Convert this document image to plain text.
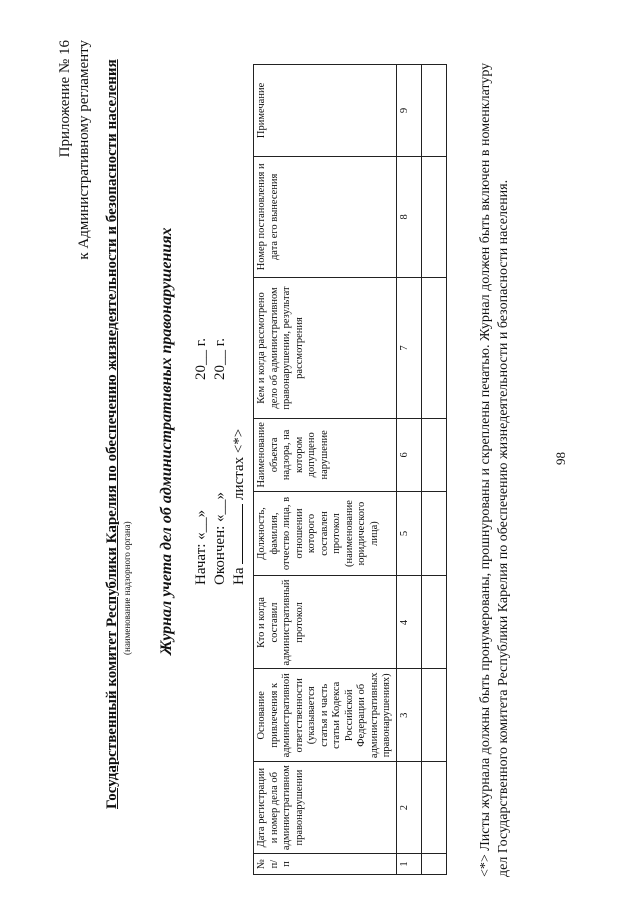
Приложение № 16 к Административному регламенту Государственный комитет Республики Карелия по обеспечению жизнедеятельности и безопасности населения (наименование надзорного органа) Журнал учета дел об административных правонарушениях Начат: «__»20__ г.
Окончен: «__»20__ г.
На  листах <*>
№ п/п	Дата регистрации и номер дела об административном правонарушении	Основание привлечения к административной ответственности (указывается статья и часть статьи Кодекса Российской Федерации об административных правонарушениях)	Кто и когда составил административный протокол	Должность, фамилия, отчество лица, в отношении которого составлен протокол (наименование юридического лица)	Наименование объекта надзора, на котором допущено нарушение	Кем и когда рассмотрено дело об административном правонарушении, результат рассмотрения	Номер постановления и дата его вынесения	Примечание
1	2	3	4	5	6	7	8	9
									<*> Листы журнала должны быть пронумерованы, прошнурованы и скреплены печатью. Журнал должен быть включен в номенклатуру дел Государственного комитета Республики Карелия по обеспечению жизнедеятельности и безопасности населения.	98
